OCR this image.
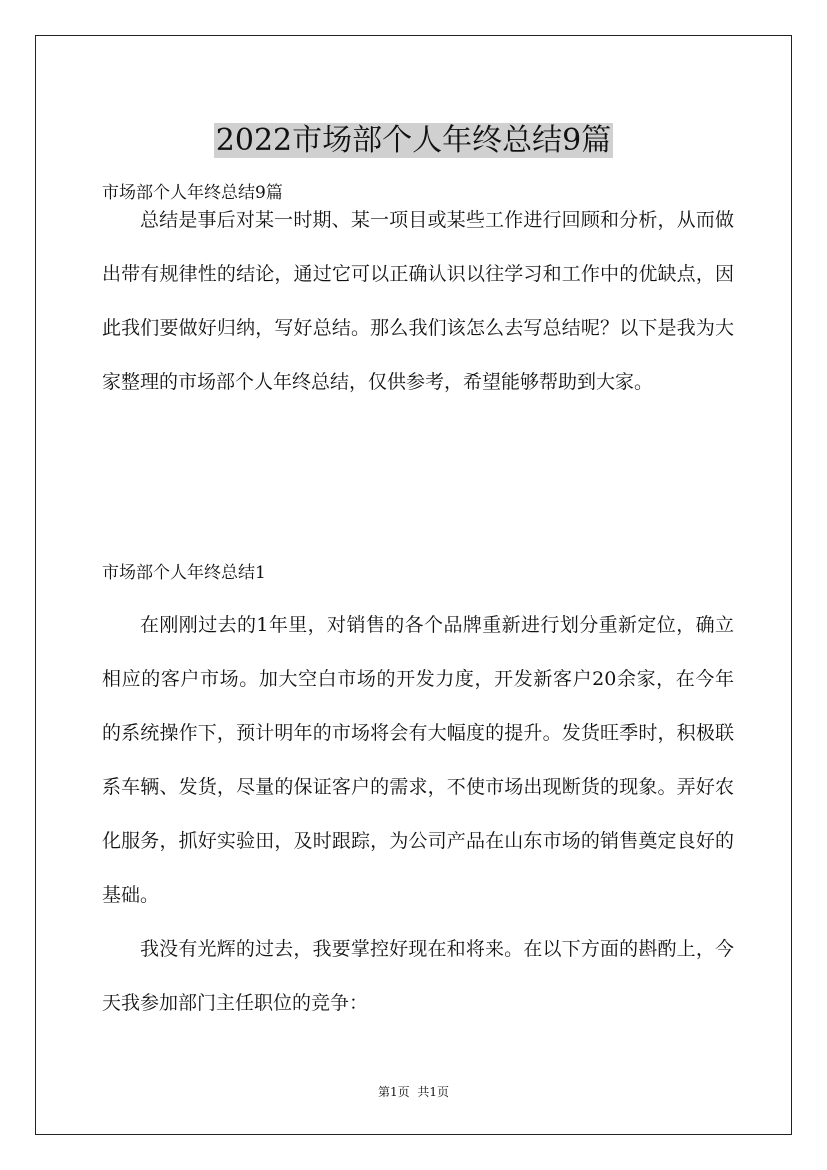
2022市场部个人年终总结9篇
市场部个人年终总结9篇

总结是事后对某一时期、某一项目或某些工作进行回顾和分析，从而做出带有规律性的结论，通过它可以正确认识以往学习和工作中的优缺点，因此我们要做好归纳，写好总结。那么我们该怎么去写总结呢？以下是我为大家整理的市场部个人年终总结，仅供参考，希望能够帮助到大家。

市场部个人年终总结1

在刚刚过去的1年里，对销售的各个品牌重新进行划分重新定位，确立相应的客户市场。加大空白市场的开发力度，开发新客户20余家，在今年的系统操作下，预计明年的市场将会有大幅度的提升。发货旺季时，积极联系车辆、发货，尽量的保证客户的需求，不使市场出现断货的现象。弄好农化服务，抓好实验田，及时跟踪，为公司产品在山东市场的销售奠定良好的基础。

我没有光辉的过去，我要掌控好现在和将来。在以下方面的斟酌上，今天我参加部门主任职位的竞争：

第1页 共1页
